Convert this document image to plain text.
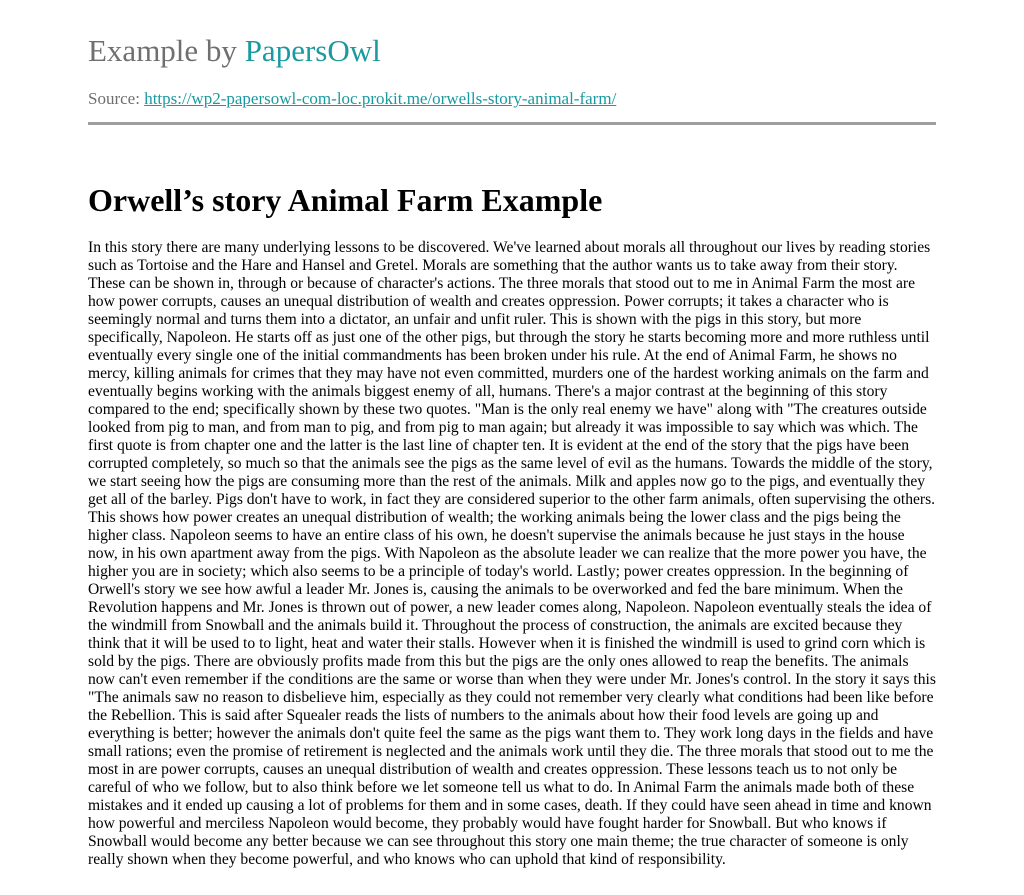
Example by PapersOwl
Source: https://wp2-papersowl-com-loc.prokit.me/orwells-story-animal-farm/
Orwell’s story Animal Farm Example

In this story there are many underlying lessons to be discovered. We've learned about morals all throughout our lives by reading stories such as Tortoise and the Hare and Hansel and Gretel. Morals are something that the author wants us to take away from their story. These can be shown in, through or because of character's actions. The three morals that stood out to me in Animal Farm the most are how power corrupts, causes an unequal distribution of wealth and creates oppression. Power corrupts; it takes a character who is seemingly normal and turns them into a dictator, an unfair and unfit ruler. This is shown with the pigs in this story, but more specifically, Napoleon. He starts off as just one of the other pigs, but through the story he starts becoming more and more ruthless until eventually every single one of the initial commandments has been broken under his rule. At the end of Animal Farm, he shows no mercy, killing animals for crimes that they may have not even committed, murders one of the hardest working animals on the farm and eventually begins working with the animals biggest enemy of all, humans. There's a major contrast at the beginning of this story compared to the end; specifically shown by these two quotes. "Man is the only real enemy we have" along with "The creatures outside looked from pig to man, and from man to pig, and from pig to man again; but already it was impossible to say which was which. The first quote is from chapter one and the latter is the last line of chapter ten. It is evident at the end of the story that the pigs have been corrupted completely, so much so that the animals see the pigs as the same level of evil as the humans. Towards the middle of the story, we start seeing how the pigs are consuming more than the rest of the animals. Milk and apples now go to the pigs, and eventually they get all of the barley. Pigs don't have to work, in fact they are considered superior to the other farm animals, often supervising the others. This shows how power creates an unequal distribution of wealth; the working animals being the lower class and the pigs being the higher class. Napoleon seems to have an entire class of his own, he doesn't supervise the animals because he just stays in the house now, in his own apartment away from the pigs. With Napoleon as the absolute leader we can realize that the more power you have, the higher you are in society; which also seems to be a principle of today's world. Lastly; power creates oppression. In the beginning of Orwell's story we see how awful a leader Mr. Jones is, causing the animals to be overworked and fed the bare minimum. When the Revolution happens and Mr. Jones is thrown out of power, a new leader comes along, Napoleon. Napoleon eventually steals the idea of the windmill from Snowball and the animals build it. Throughout the process of construction, the animals are excited because they think that it will be used to to light, heat and water their stalls. However when it is finished the windmill is used to grind corn which is sold by the pigs. There are obviously profits made from this but the pigs are the only ones allowed to reap the benefits. The animals now can't even remember if the conditions are the same or worse than when they were under Mr. Jones's control. In the story it says this "The animals saw no reason to disbelieve him, especially as they could not remember very clearly what conditions had been like before the Rebellion. This is said after Squealer reads the lists of numbers to the animals about how their food levels are going up and everything is better; however the animals don't quite feel the same as the pigs want them to. They work long days in the fields and have small rations; even the promise of retirement is neglected and the animals work until they die. The three morals that stood out to me the most in are power corrupts, causes an unequal distribution of wealth and creates oppression. These lessons teach us to not only be careful of who we follow, but to also think before we let someone tell us what to do. In Animal Farm the animals made both of these mistakes and it ended up causing a lot of problems for them and in some cases, death. If they could have seen ahead in time and known how powerful and merciless Napoleon would become, they probably would have fought harder for Snowball. But who knows if Snowball would become any better because we can see throughout this story one main theme; the true character of someone is only really shown when they become powerful, and who knows who can uphold that kind of responsibility.
